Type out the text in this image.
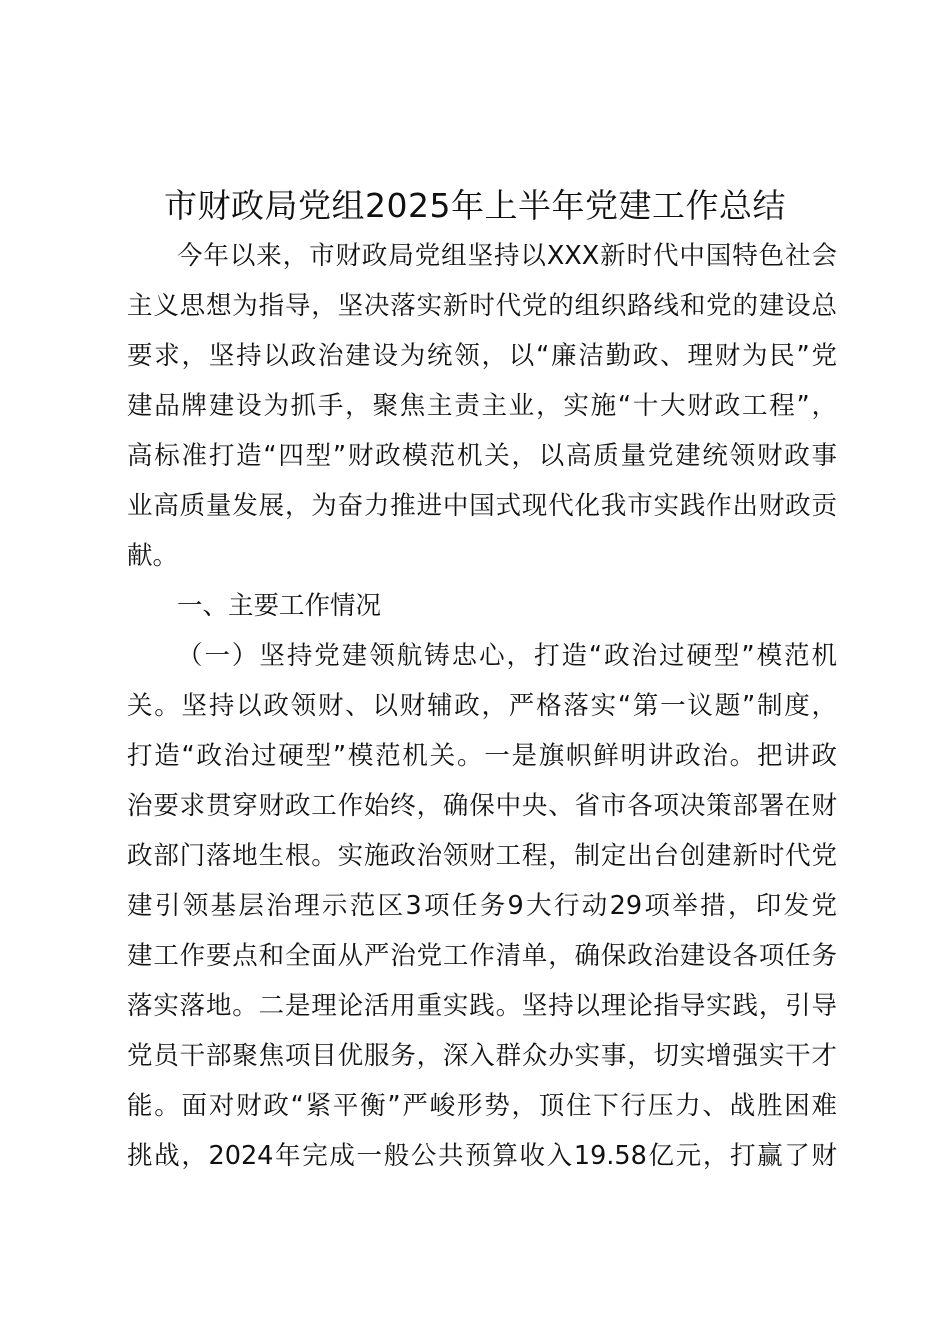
市财政局党组2025年上半年党建工作总结
今年以来，市财政局党组坚持以XXX新时代中国特色社会
主义思想为指导，坚决落实新时代党的组织路线和党的建设总
要求，坚持以政治建设为统领，以“廉洁勤政、理财为民”党
建品牌建设为抓手，聚焦主责主业，实施“十大财政工程”，
高标准打造“四型”财政模范机关，以高质量党建统领财政事
业高质量发展，为奋力推进中国式现代化我市实践作出财政贡
献。
一、主要工作情况
（一）坚持党建领航铸忠心，打造“政治过硬型”模范机
关。坚持以政领财、以财辅政，严格落实“第一议题”制度，
打造“政治过硬型”模范机关。一是旗帜鲜明讲政治。把讲政
治要求贯穿财政工作始终，确保中央、省市各项决策部署在财
政部门落地生根。实施政治领财工程，制定出台创建新时代党
建引领基层治理示范区3项任务9大行动29项举措，印发党
建工作要点和全面从严治党工作清单，确保政治建设各项任务
落实落地。二是理论活用重实践。坚持以理论指导实践，引导
党员干部聚焦项目优服务，深入群众办实事，切实增强实干才
能。面对财政“紧平衡”严峻形势，顶住下行压力、战胜困难
挑战，2024年完成一般公共预算收入19.58亿元，打赢了财
